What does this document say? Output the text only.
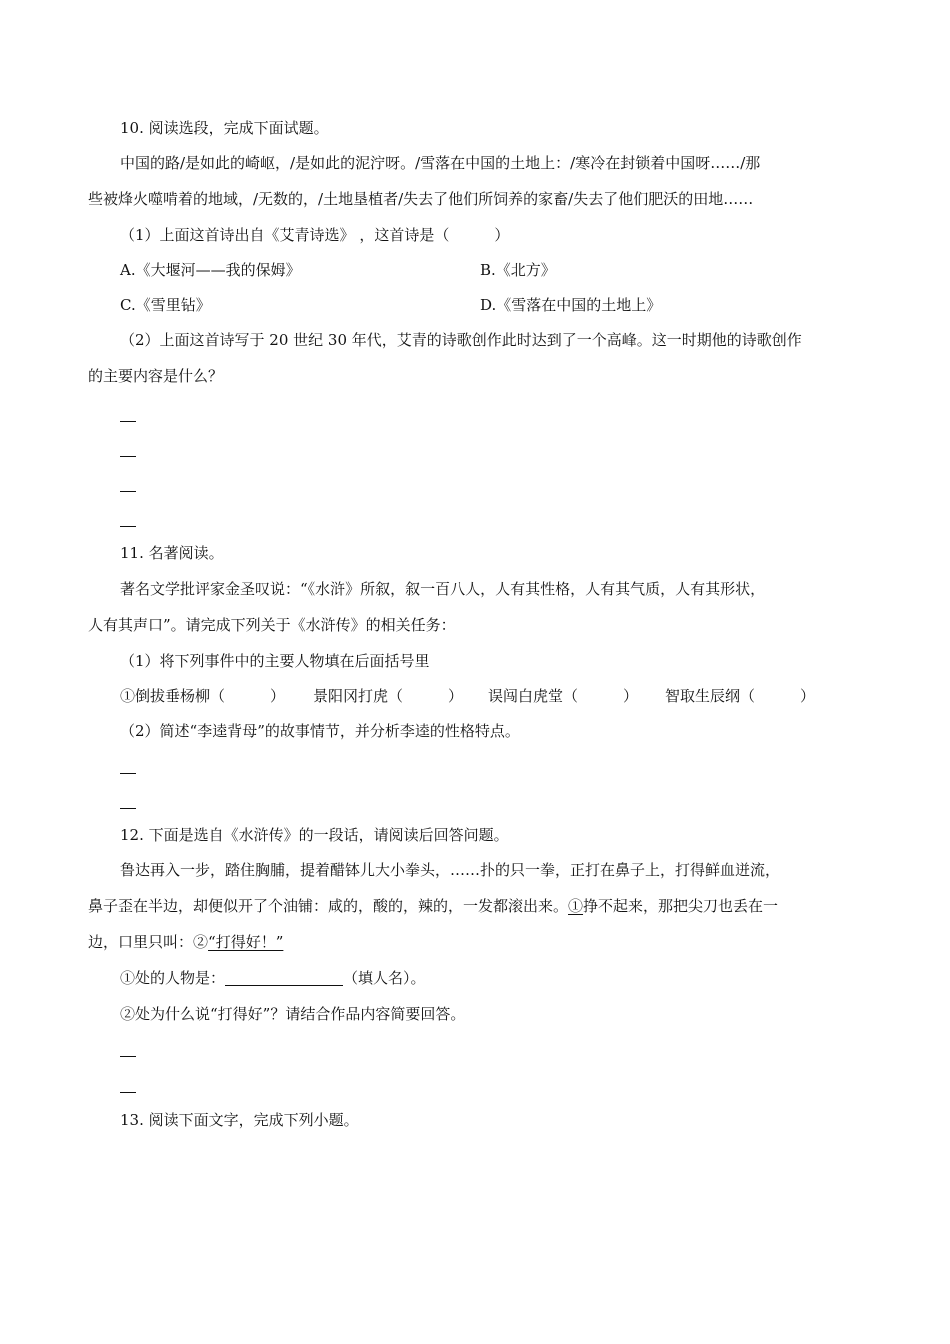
10. 阅读选段，完成下面试题。
中国的路/是如此的崎岖，/是如此的泥泞呀。/雪落在中国的土地上：/寒冷在封锁着中国呀……/那
些被烽火噬啃着的地域，/无数的，/土地垦植者/失去了他们所饲养的家畜/失去了他们肥沃的田地……
（1）上面这首诗出自《艾青诗选》 ，这首诗是（　　　）
A.《大堰河——我的保姆》	B.《北方》
C.《雪里钻》	D.《雪落在中国的土地上》
（2）上面这首诗写于 20 世纪 30 年代，艾青的诗歌创作此时达到了一个高峰。这一时期他的诗歌创作
的主要内容是什么？
11. 名著阅读。
著名文学批评家金圣叹说：“《水浒》所叙，叙一百八人，人有其性格，人有其气质，人有其形状，
人有其声口”。请完成下列关于《水浒传》的相关任务：
（1）将下列事件中的主要人物填在后面括号里
①倒拔垂杨柳（　　　） 景阳冈打虎（　　　） 误闯白虎堂（　　　） 智取生辰纲（　　　）
（2）简述“李逵背母”的故事情节，并分析李逵的性格特点。
12. 下面是选自《水浒传》的一段话，请阅读后回答问题。
鲁达再入一步，踏住胸脯，提着醋钵儿大小拳头，……扑的只一拳，正打在鼻子上，打得鲜血迸流，
鼻子歪在半边，却便似开了个油铺：咸的，酸的，辣的，一发都滚出来。①挣不起来，那把尖刀也丢在一
边，口里只叫：②“打得好！”
①处的人物是：	（填人名）。
②处为什么说“打得好”？请结合作品内容简要回答。
13. 阅读下面文字，完成下列小题。
